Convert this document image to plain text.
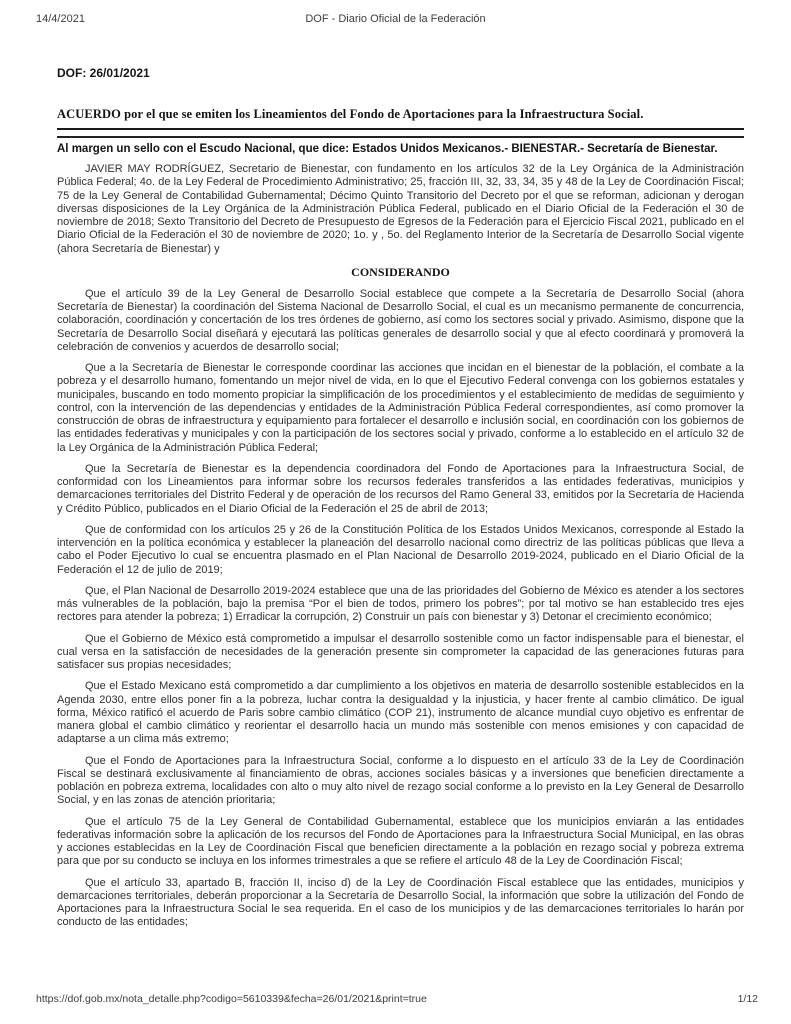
14/4/2021	DOF - Diario Oficial de la Federación

DOF: 26/01/2021

ACUERDO por el que se emiten los Lineamientos del Fondo de Aportaciones para la Infraestructura Social.

Al margen un sello con el Escudo Nacional, que dice: Estados Unidos Mexicanos.- BIENESTAR.- Secretaría de Bienestar.

JAVIER MAY RODRÍGUEZ, Secretario de Bienestar, con fundamento en los artículos 32 de la Ley Orgánica de la Administración Pública Federal; 4o. de la Ley Federal de Procedimiento Administrativo; 25, fracción III, 32, 33, 34, 35 y 48 de la Ley de Coordinación Fiscal; 75 de la Ley General de Contabilidad Gubernamental; Décimo Quinto Transitorio del Decreto por el que se reforman, adicionan y derogan diversas disposiciones de la Ley Orgánica de la Administración Pública Federal, publicado en el Diario Oficial de la Federación el 30 de noviembre de 2018; Sexto Transitorio del Decreto de Presupuesto de Egresos de la Federación para el Ejercicio Fiscal 2021, publicado en el Diario Oficial de la Federación el 30 de noviembre de 2020; 1o. y , 5o. del Reglamento Interior de la Secretaría de Desarrollo Social vigente (ahora Secretaría de Bienestar) y

CONSIDERANDO

Que el artículo 39 de la Ley General de Desarrollo Social establece que compete a la Secretaría de Desarrollo Social (ahora Secretaría de Bienestar) la coordinación del Sistema Nacional de Desarrollo Social, el cual es un mecanismo permanente de concurrencia, colaboración, coordinación y concertación de los tres órdenes de gobierno, así como los sectores social y privado. Asimismo, dispone que la Secretaría de Desarrollo Social diseñará y ejecutará las políticas generales de desarrollo social y que al efecto coordinará y promoverá la celebración de convenios y acuerdos de desarrollo social;

Que a la Secretaría de Bienestar le corresponde coordinar las acciones que incidan en el bienestar de la población, el combate a la pobreza y el desarrollo humano, fomentando un mejor nivel de vida, en lo que el Ejecutivo Federal convenga con los gobiernos estatales y municipales, buscando en todo momento propiciar la simplificación de los procedimientos y el establecimiento de medidas de seguimiento y control, con la intervención de las dependencias y entidades de la Administración Pública Federal correspondientes, así como promover la construcción de obras de infraestructura y equipamiento para fortalecer el desarrollo e inclusión social, en coordinación con los gobiernos de las entidades federativas y municipales y con la participación de los sectores social y privado, conforme a lo establecido en el artículo 32 de la Ley Orgánica de la Administración Pública Federal;

Que la Secretaría de Bienestar es la dependencia coordinadora del Fondo de Aportaciones para la Infraestructura Social, de conformidad con los Lineamientos para informar sobre los recursos federales transferidos a las entidades federativas, municipios y demarcaciones territoriales del Distrito Federal y de operación de los recursos del Ramo General 33, emitidos por la Secretaría de Hacienda y Crédito Público, publicados en el Diario Oficial de la Federación el 25 de abril de 2013;

Que de conformidad con los artículos 25 y 26 de la Constitución Política de los Estados Unidos Mexicanos, corresponde al Estado la intervención en la política económica y establecer la planeación del desarrollo nacional como directriz de las políticas públicas que lleva a cabo el Poder Ejecutivo lo cual se encuentra plasmado en el Plan Nacional de Desarrollo 2019-2024, publicado en el Diario Oficial de la Federación el 12 de julio de 2019;

Que, el Plan Nacional de Desarrollo 2019-2024 establece que una de las prioridades del Gobierno de México es atender a los sectores más vulnerables de la población, bajo la premisa “Por el bien de todos, primero los pobres”; por tal motivo se han establecido tres ejes rectores para atender la pobreza; 1) Erradicar la corrupción, 2) Construir un país con bienestar y 3) Detonar el crecimiento económico;

Que el Gobierno de México está comprometido a impulsar el desarrollo sostenible como un factor indispensable para el bienestar, el cual versa en la satisfacción de necesidades de la generación presente sin comprometer la capacidad de las generaciones futuras para satisfacer sus propias necesidades;

Que el Estado Mexicano está comprometido a dar cumplimiento a los objetivos en materia de desarrollo sostenible establecidos en la Agenda 2030, entre ellos poner fin a la pobreza, luchar contra la desigualdad y la injusticia, y hacer frente al cambio climático. De igual forma, México ratificó el acuerdo de Paris sobre cambio climático (COP 21), instrumento de alcance mundial cuyo objetivo es enfrentar de manera global el cambio climático y reorientar el desarrollo hacia un mundo más sostenible con menos emisiones y con capacidad de adaptarse a un clima más extremo;

Que el Fondo de Aportaciones para la Infraestructura Social, conforme a lo dispuesto en el artículo 33 de la Ley de Coordinación Fiscal se destinará exclusivamente al financiamiento de obras, acciones sociales básicas y a inversiones que beneficien directamente a población en pobreza extrema, localidades con alto o muy alto nivel de rezago social conforme a lo previsto en la Ley General de Desarrollo Social, y en las zonas de atención prioritaria;

Que el artículo 75 de la Ley General de Contabilidad Gubernamental, establece que los municipios enviarán a las entidades federativas información sobre la aplicación de los recursos del Fondo de Aportaciones para la Infraestructura Social Municipal, en las obras y acciones establecidas en la Ley de Coordinación Fiscal que beneficien directamente a la población en rezago social y pobreza extrema para que por su conducto se incluya en los informes trimestrales a que se refiere el artículo 48 de la Ley de Coordinación Fiscal;

Que el artículo 33, apartado B, fracción II, inciso d) de la Ley de Coordinación Fiscal establece que las entidades, municipios y demarcaciones territoriales, deberán proporcionar a la Secretaría de Desarrollo Social, la información que sobre la utilización del Fondo de Aportaciones para la Infraestructura Social le sea requerida. En el caso de los municipios y de las demarcaciones territoriales lo harán por conducto de las entidades;

https://dof.gob.mx/nota_detalle.php?codigo=5610339&fecha=26/01/2021&print=true	1/12
